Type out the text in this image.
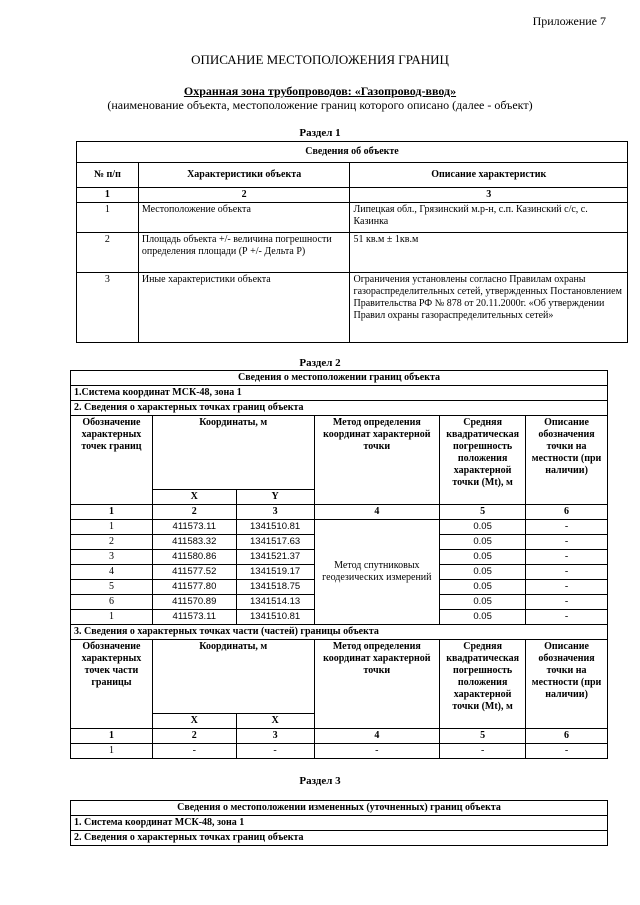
Приложение 7
ОПИСАНИЕ МЕСТОПОЛОЖЕНИЯ ГРАНИЦ
Охранная зона трубопроводов: «Газопровод-ввод»
(наименование объекта, местоположение границ которого описано (далее - объект)
Раздел 1
Сведения об объекте		
№ п/п	Характеристики объекта	Описание характеристик
1	2	3
1	Местоположение объекта	Липецкая обл., Грязинский м.р-н, с.п. Казинский с/с, с. Казинка
2	Площадь объекта +/- величина погрешности определения площади (Р +/- Дельта Р)	51 кв.м ± 1кв.м
3	Иные характеристики объекта	Ограничения установлены согласно Правилам охраны газораспределительных сетей, утвержденных Постановлением Правительства РФ № 878 от 20.11.2000г. «Об утверждении Правил охраны газораспределительных сетей»
Раздел 2
Сведения о местоположении границ объекта					
1.Система координат МСК-48, зона 1					
2. Сведения о характерных точках границ объекта					
Обозначение характерных точек границ	Координаты, м		Метод определения координат характерной точки	Средняя квадратическая погрешность положения характерной точки (Mt), м	Описание обозначения точки на местности (при наличии)
	X	Y			
1	2	3	4	5	6
1	411573.11	1341510.81	Метод спутниковых геодезических измерений	0.05	-
2	411583.32	1341517.63		0.05	-
3	411580.86	1341521.37		0.05	-
4	411577.52	1341519.17		0.05	-
5	411577.80	1341518.75		0.05	-
6	411570.89	1341514.13		0.05	-
1	411573.11	1341510.81		0.05	-
3. Сведения о характерных точках части (частей) границы объекта					
Обозначение характерных точек части границы	Координаты, м		Метод определения координат характерной точки	Средняя квадратическая погрешность положения характерной точки (Mt), м	Описание обозначения точки на местности (при наличии)
	X	X			
1	2	3	4	5	6
1	-	-	-	-	-
Раздел 3
Сведения о местоположении измененных (уточненных) границ объекта
1. Система координат МСК-48, зона 1
2. Сведения о характерных точках границ объекта
